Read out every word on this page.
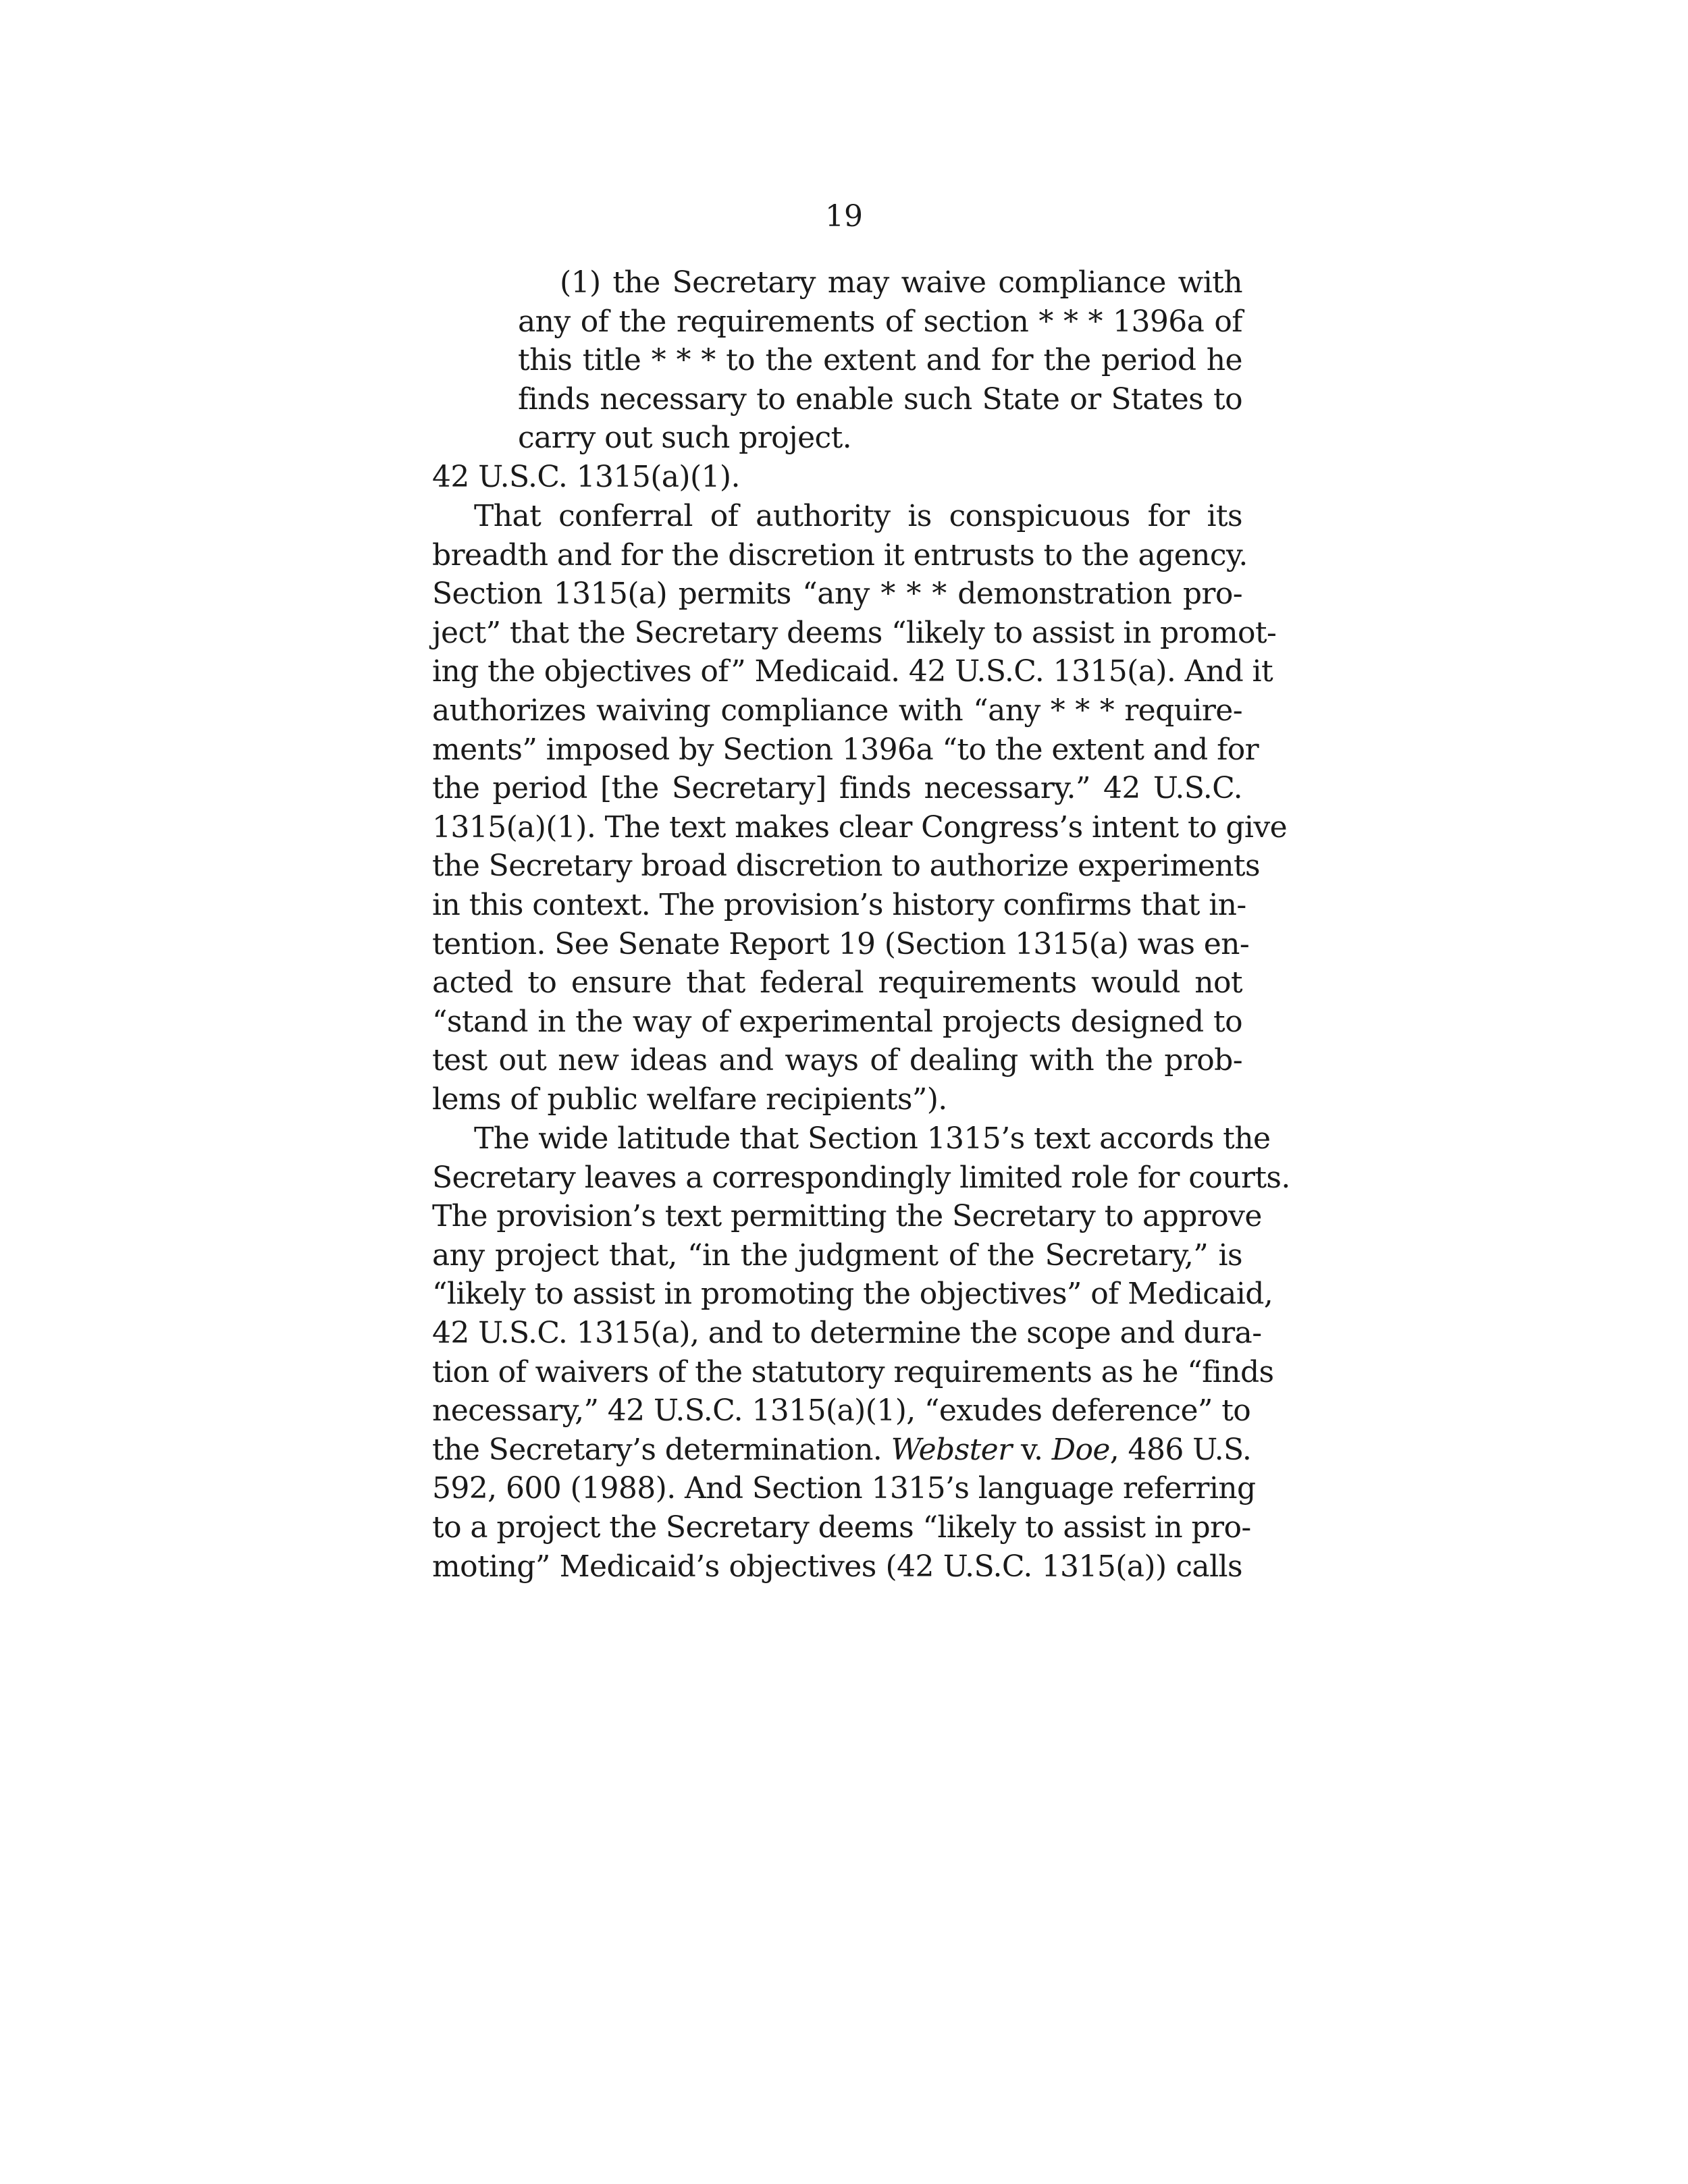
19
(1) the Secretary may waive compliance with
any of the requirements of section * * * 1396a of
this title * * * to the extent and for the period he
finds necessary to enable such State or States to
carry out such project.
42 U.S.C. 1315(a)(1).
That conferral of authority is conspicuous for its
breadth and for the discretion it entrusts to the agency.
Section 1315(a) permits “any * * * demonstration pro-
ject” that the Secretary deems “likely to assist in promot-
ing the objectives of” Medicaid. 42 U.S.C. 1315(a). And it
authorizes waiving compliance with “any * * * require-
ments” imposed by Section 1396a “to the extent and for
the period [the Secretary] finds necessary.” 42 U.S.C.
1315(a)(1). The text makes clear Congress’s intent to give
the Secretary broad discretion to authorize experiments
in this context. The provision’s history confirms that in-
tention. See Senate Report 19 (Section 1315(a) was en-
acted to ensure that federal requirements would not
“stand in the way of experimental projects designed to
test out new ideas and ways of dealing with the prob-
lems of public welfare recipients”).
The wide latitude that Section 1315’s text accords the
Secretary leaves a correspondingly limited role for courts.
The provision’s text permitting the Secretary to approve
any project that, “in the judgment of the Secretary,” is
“likely to assist in promoting the objectives” of Medicaid,
42 U.S.C. 1315(a), and to determine the scope and dura-
tion of waivers of the statutory requirements as he “finds
necessary,” 42 U.S.C. 1315(a)(1), “exudes deference” to
the Secretary’s determination. Webster v. Doe, 486 U.S.
592, 600 (1988). And Section 1315’s language referring
to a project the Secretary deems “likely to assist in pro-
moting” Medicaid’s objectives (42 U.S.C. 1315(a)) calls
